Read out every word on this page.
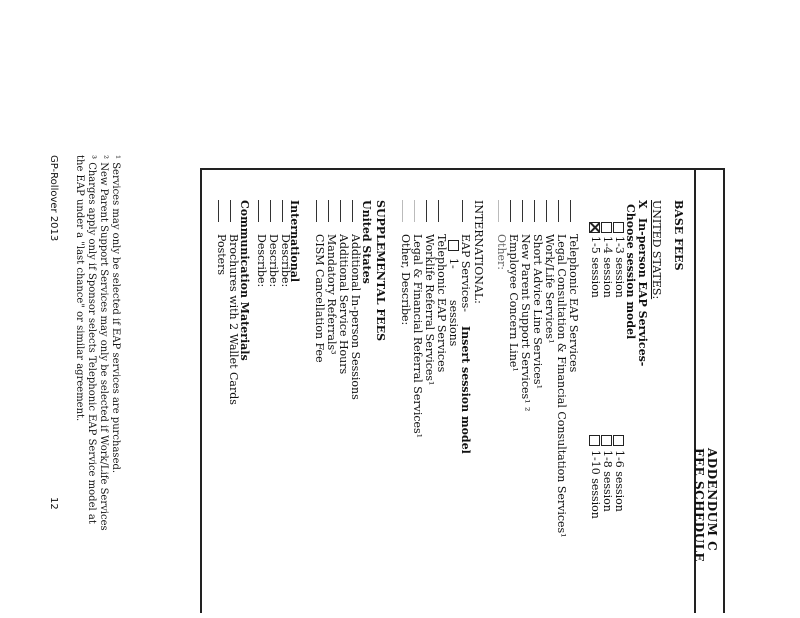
ADDENDUM C
FEE SCHEDULE
BASE FEES
UNITED STATES:
X
In-person EAP Services-
Choose session model
1-3 session
1-4 session
1-5 session
1-6 session
1-8 session
1-10 session
Telephonic EAP Services
Legal Consultation & Financial Consultation Services¹
Work/Life Services¹
Short Advice Line Services¹
New Parent Support Services¹ ²
Employee Concern Line¹
Other:
INTERNATIONAL:
EAP Services-
Insert session model
1-
sessions
Telephonic EAP Services
Worklife Referral Services¹
Legal & Financial Referral Services¹
Other, Describe:
SUPPLEMENTAL FEES
United States
Additional In-person Sessions
Additional Service Hours
Mandatory Referrals³
CISM Cancellation Fee
International
Describe:
Describe:
Describe:
Communication Materials
Brochures with 2 Wallet Cards
Posters
¹ Services may only be selected if EAP services are purchased.
² New Parent Support Services may only be selected if Work/Life Services
³ Charges apply only if Sponsor selects Telephonic EAP Service model at
the EAP under a "last chance" or similar agreement.
GP-Rollover 2013
12
